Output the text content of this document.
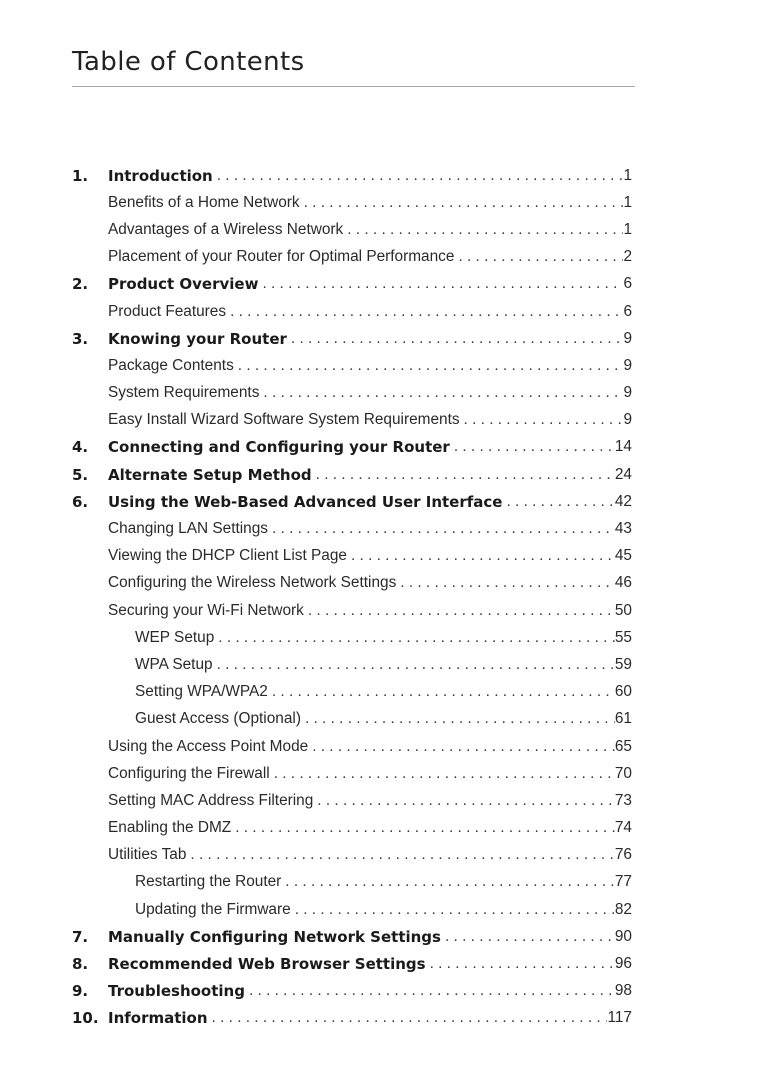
Table of Contents
1.	Introduction . . .	1
Benefits of a Home Network . . .	1
Advantages of a Wireless Network . . .	1
Placement of your Router for Optimal Performance . . .	2
2.	Product Overview . . .	6
Product Features . . .	6
3.	Knowing your Router . . .	9
Package Contents . . .	9
System Requirements . . .	9
Easy Install Wizard Software System Requirements . . .	9
4.	Connecting and Configuring your Router . . .	14
5.	Alternate Setup Method . . .	24
6.	Using the Web-Based Advanced User Interface . . .	42
Changing LAN Settings . . .	43
Viewing the DHCP Client List Page . . .	45
Configuring the Wireless Network Settings . . .	46
Securing your Wi-Fi Network . . .	50
WEP Setup . . .	55
WPA Setup . . .	59
Setting WPA/WPA2 . . .	60
Guest Access (Optional) . . .	61
Using the Access Point Mode . . .	65
Configuring the Firewall . . .	70
Setting MAC Address Filtering . . .	73
Enabling the DMZ . . .	74
Utilities Tab . . .	76
Restarting the Router . . .	77
Updating the Firmware . . .	82
7.	Manually Configuring Network Settings . . .	90
8.	Recommended Web Browser Settings . . .	96
9.	Troubleshooting . . .	98
10. Information . . .	117
